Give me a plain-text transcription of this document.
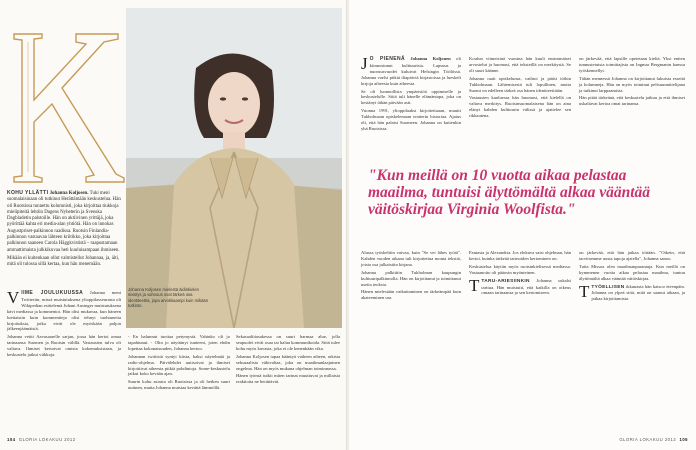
Johanna Koljosen mielestä äidinkielen sivistys ja vahvuus ovat tärkeä osa identiteettiä, jopa arvokkaampi kuin mikään tutkinto.

KOHU YLLÄTTI Johanna Koljosen. Tuki meni suomalaisinaan oli tutkinut Herättämään keskustelua. Hän oli Ruotsissa tunnettu kolumnisti, joka kirjoittaa tiukkoja mielipiteitä lehtiin Dagens Nyheterin ja Svenska Dagbladetin palstoille. Hän on aktiivinen yrittäjä, joka pyörittää kahta eri media-alan yhtiötä. Hän on innokas Augustpriset-palkinnon raadissa. Ruotsin Finlandia-palkinnon vastaavan lähteen kriitikko, joka kirjoittaa palkinnon saaneen Carola Häggkvististä – raapustamaan ammattimaista julkkikuvaa heti kuuluisampaan ihmiseen.
Mikään ei kuitenkaan ollut valmistellut Johannaa, ja, äiti, mitä oli tulossa sillä kertaa, kun hän menemään.

VIIME JOULUKUUSSA Johanna meni Twitteriin, missä muistutuksena ylioppilasseurasta oli Wikipedian esittelemä Juhani Ausinger muistutuksena kävi mediassa ja kommentoi. Hän olisi mukavaa, kun häneen luettaisiin kuin kommentteja olisi tehnyt tuohtuneita kirjoituksia, jotka eivät ole myöskään paljon jälkeenjäämäisiä.

Johanna veitti Aavasaarelle sarjan, jossa hän kertoi omaa tarinaansa Suomen ja Ruotsin välillä. Vastausten tulva oli valtava. Ihmiset kertoivat omista kokemuksistaan, ja keskustelu jatkui viikkoja.

- En halunnut tuottaa petymystä. Vahinko oli jo tapahtunut. - Olin jo näyttänyt tunteeni, joten ehdin lopettaa kokonaisuuden, Johanna kertoo.

Johannan twiitistä syntyi kiista, kaksi näytelmää ja radio-ohjelma. Päivälehdet uutisoivat ja ihmiset kirjoittivat aiheesta pitkiä pohdintoja. Some-keskustelu jatkui koko kevään ajan.

Suurin kohu asiasta oli Ruotsissa ja oli hetken suuri uutinen, mutta Johanna muistaa kevättä lämmöllä.

Sekasaaliitasakessa on suuri harmaa alue, jolla seapuolet eivät osaa tai halua kommunikoida. Siitä tulee kohu myös kuvasta, joka ei ole kenenkään vika.

Johanna Koljosen tapaa kääntyä vaiheen aiheen, arkista seksuaalista väkivaltaa, joka on maailmanlaajuinen ongelma. Hän on myös mukana ohjelman toiminnassa.

Hänen työnsä tutkii miten tarinat muuttuvat ja millaisia reaktioita ne herättävät.

104 GLORIA LOKAKUU 2012

J O PIENENÄ Johanna Koljonen oli kiinnostunut kulttuurista. Lapsuus ja nuoruusvuodet kuluivat Helsingin Töölössä. Johanna vaelsi pitkiä iltapäiviä kirjastoissa ja lueskeli kirjoja aiheesta kuin aiheesta.

Se oli luonnollista ympäristöä oppimiselle ja keskustelulle. Siitä tuli hänelle elämäntapa, joka on kestänyt tähän päivään asti.

Vuonna 1991, ylioppilaaksi kirjoitettuaan, muutti Tukholmaan opiskelemaan teatterin historiaa. Ajatus oli, että hän palaisi Suomeen. Johanna on kuitenkin yhä Ruotsissa.

Koulun viimeisinä vuosina hän kuuli ensimmäiset arvostelut ja huomasi, että teksteillä on merkitystä. Se oli suuri käänne.

Johanna raati opiskelunsa, vaihtoi ja pääsi töihin Tukholmaan. Lähtemisestä tuli lopullinen, mutta Suomi on edelleen tärkeä osa hänen identiteettiään.

Vastausten kuuluessa hän huomasi, että kielellä on valtava merkitys. Ruotsinsuomalaisena hän on aina elänyt kahden kulttuurin välissä ja ajattelee sen rikkautena.

on järkevää, että lapsille opetetaan kieltä. Yksi eniten tunnustetuista toimittajista on Ingmar Bergmanin kanssa työskennellyt.

Tähän mennessä Johanna on kirjoittanut lukuisia esseitä ja kolumneja. Hän on myös toiminut pelisuunnittelijana ja tutkinut larppaamista.

Hän pitää tärkeänä, että keskustelu jatkuu ja että ihmiset uskaltavat kertoa omat tarinansa.

"Kun meillä on 10 vuotta aikaa pelastaa maailma, tuntuisi älyttömältä alkaa vääntää väitöskirjaa Virginia Woolfista."

Alussa työskeltiin vaivaa, kuin "Se vei lähes työtä". Kahden vuoden aikana tuli kirjoitettua monta tekstiä, joista osa julkaistiin kirjana.

Johanna palkittiin Tukholman kaupungin kulttuuripalkinnolla. Hän on kirjoittanut ja toimittanut useita teoksia.

Hänen mielestään vaikuttaminen on tärkeämpää kuin akateeminen ura.

Fantasia ja Alexandria. Jos elokuva saisi ohjelman, hän kertoi, kuinka tärkeää tarinoiden kertominen on.

Keskustelua käytiin myös ruotsinkielisessä mediassa. Vastaanotto oli pääosin myönteinen.

TTARU-ARIESIINKIN Johanna uskalsi tarttua. Hän muistutti, että kaikilla on oikeus omaan tarinaansa ja sen kertomiseen.

on järkevää, että hän jatkaa töitään. "Oikein, että tarvitsemme uusia tapoja ajatella", Johanna sanoo.

Tutta Missoa olen maailmanparantaja. Kun meillä on kymmenen vuotta aikaa pelastaa maailma, tuntuu älyttömältä alkaa vääntää väitöskirjaa.

TTYÖELLISEN ikkunasta hän katsoo eteenpäin. Johanna on ylpeä siitä, mitä on saanut aikaan, ja jatkaa kirjoittamista.

GLORIA LOKAKUU 2012 105
